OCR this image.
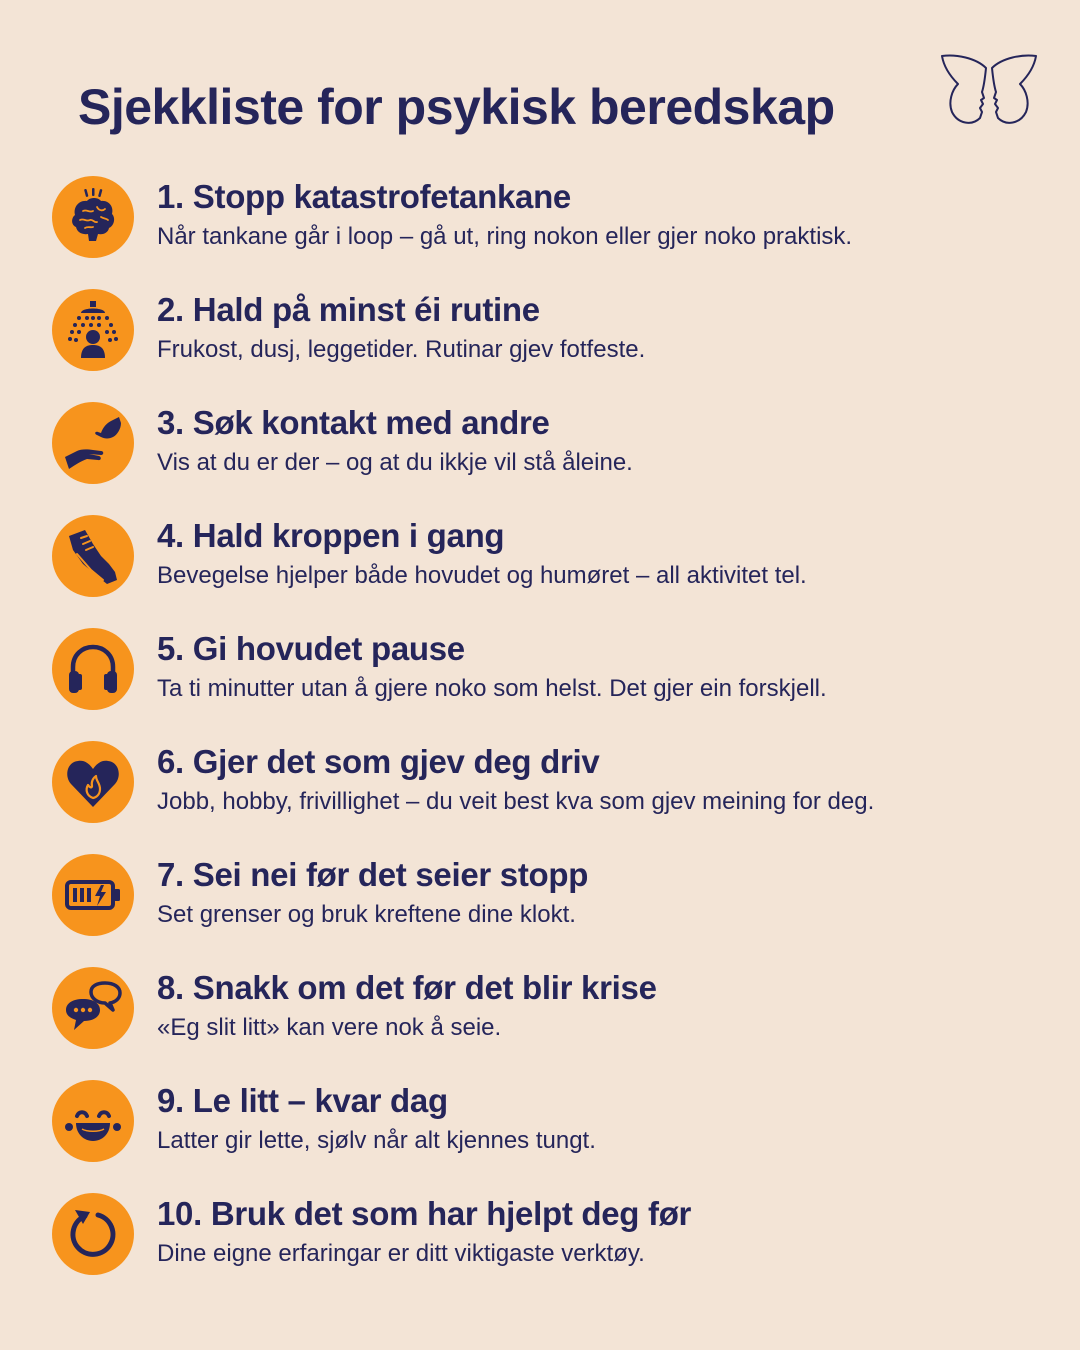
Sjekkliste for psykisk beredskap

1. Stopp katastrofetankane

Når tankane går i loop – gå ut, ring nokon eller gjer noko praktisk.

2. Hald på minst éi rutine

Frukost, dusj, leggetider. Rutinar gjev fotfeste.

3. Søk kontakt med andre

Vis at du er der – og at du ikkje vil stå åleine.

4. Hald kroppen i gang

Bevegelse hjelper både hovudet og humøret – all aktivitet tel.

5. Gi hovudet pause

Ta ti minutter utan å gjere noko som helst. Det gjer ein forskjell.

6. Gjer det som gjev deg driv

Jobb, hobby, frivillighet – du veit best kva som gjev meining for deg.

7. Sei nei før det seier stopp

Set grenser og bruk kreftene dine klokt.

8. Snakk om det før det blir krise

«Eg slit litt» kan vere nok å seie.

9. Le litt – kvar dag

Latter gir lette, sjølv når alt kjennes tungt.

10. Bruk det som har hjelpt deg før

Dine eigne erfaringar er ditt viktigaste verktøy.
